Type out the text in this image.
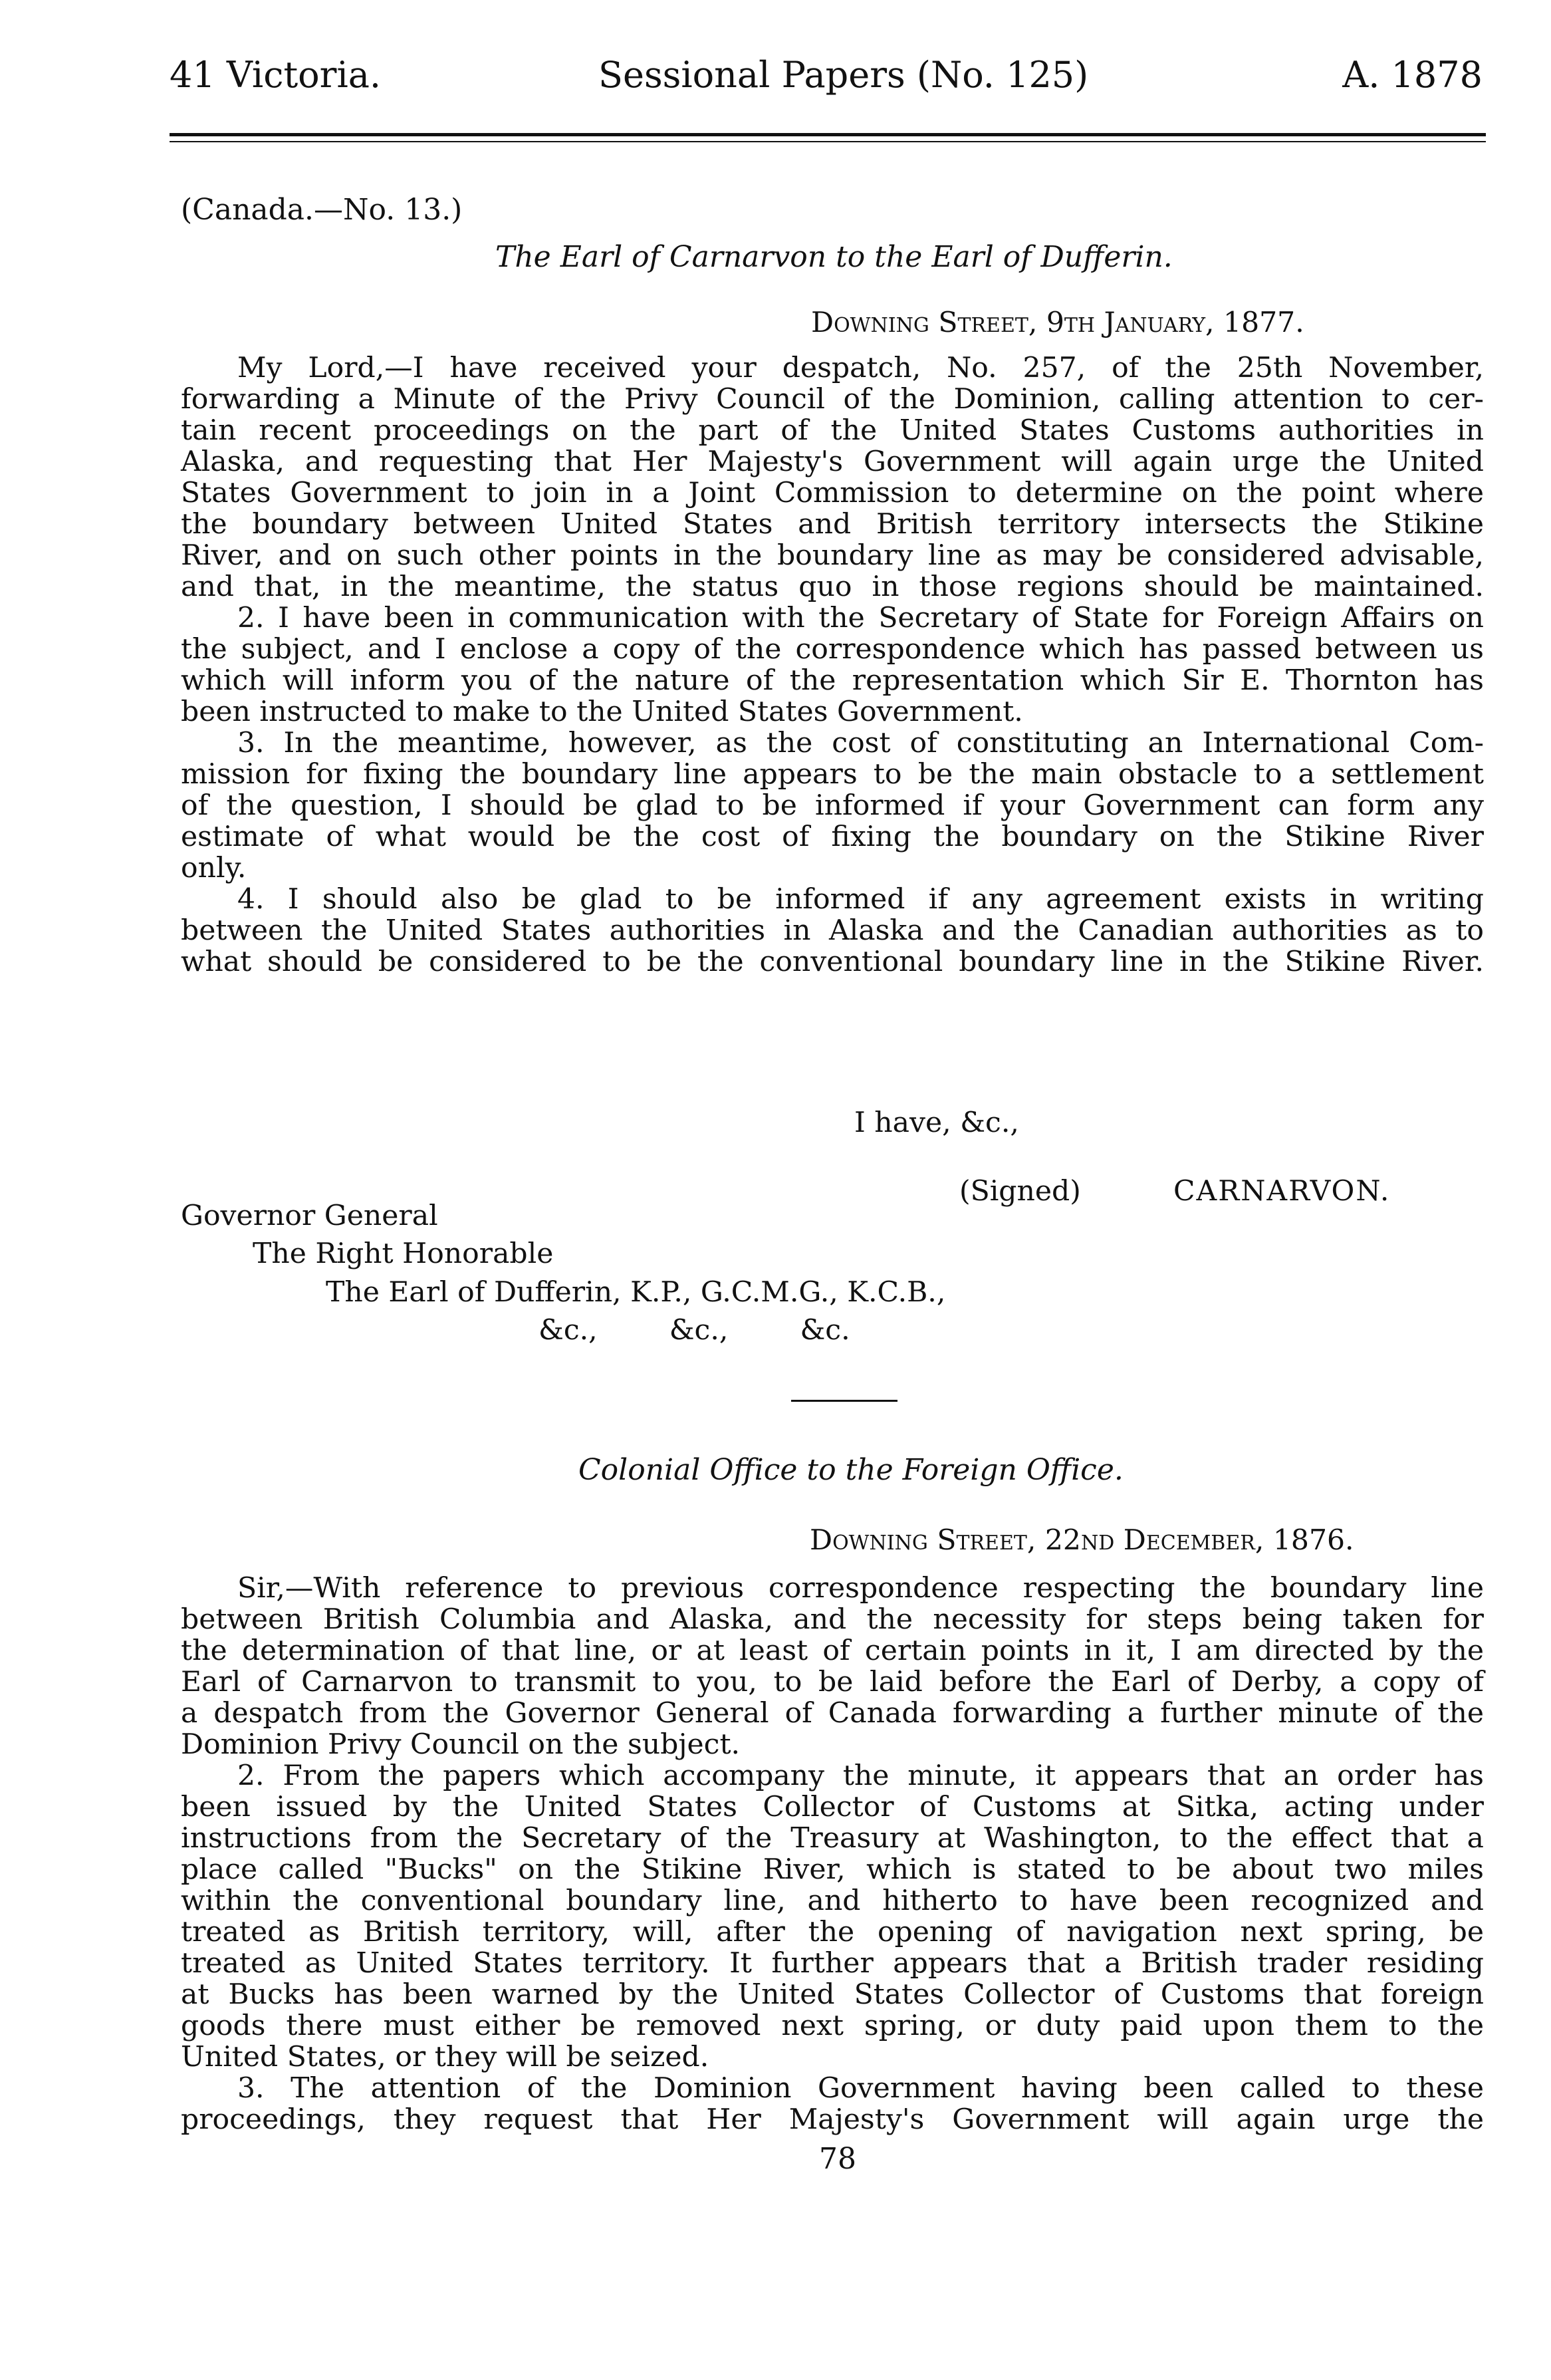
41 Victoria.	Sessional Papers (No. 125)	A. 1878
(Canada.—No. 13.)
The Earl of Carnarvon to the Earl of Dufferin.
Downing Street, 9th January, 1877.
My Lord,—I have received your despatch, No. 257, of the 25th November,
forwarding a Minute of the Privy Council of the Dominion, calling attention to cer-
tain recent proceedings on the part of the United States Customs authorities in
Alaska, and requesting that Her Majesty's Government will again urge the United
States Government to join in a Joint Commission to determine on the point where
the boundary between United States and British territory intersects the Stikine
River, and on such other points in the boundary line as may be considered advisable,
and that, in the meantime, the status quo in those regions should be maintained.
2. I have been in communication with the Secretary of State for Foreign Affairs on
the subject, and I enclose a copy of the correspondence which has passed between us
which will inform you of the nature of the representation which Sir E. Thornton has
been instructed to make to the United States Government.
3. In the meantime, however, as the cost of constituting an International Com-
mission for fixing the boundary line appears to be the main obstacle to a settlement
of the question, I should be glad to be informed if your Government can form any
estimate of what would be the cost of fixing the boundary on the Stikine River
only.
4. I should also be glad to be informed if any agreement exists in writing
between the United States authorities in Alaska and the Canadian authorities as to
what should be considered to be the conventional boundary line in the Stikine River.
I have, &c.,
(Signed)	CARNARVON.
Governor General
The Right Honorable
The Earl of Dufferin, K.P., G.C.M.G., K.C.B.,
&c.,        &c.,        &c.
Colonial Office to the Foreign Office.
Downing Street, 22nd December, 1876.
Sir,—With reference to previous correspondence respecting the boundary line
between British Columbia and Alaska, and the necessity for steps being taken for
the determination of that line, or at least of certain points in it, I am directed by the
Earl of Carnarvon to transmit to you, to be laid before the Earl of Derby, a copy of
a despatch from the Governor General of Canada forwarding a further minute of the
Dominion Privy Council on the subject.
2. From the papers which accompany the minute, it appears that an order has
been issued by the United States Collector of Customs at Sitka, acting under
instructions from the Secretary of the Treasury at Washington, to the effect that a
place called "Bucks" on the Stikine River, which is stated to be about two miles
within the conventional boundary line, and hitherto to have been recognized and
treated as British territory, will, after the opening of navigation next spring, be
treated as United States territory. It further appears that a British trader residing
at Bucks has been warned by the United States Collector of Customs that foreign
goods there must either be removed next spring, or duty paid upon them to the
United States, or they will be seized.
3. The attention of the Dominion Government having been called to these
proceedings, they request that Her Majesty's Government will again urge the
78
